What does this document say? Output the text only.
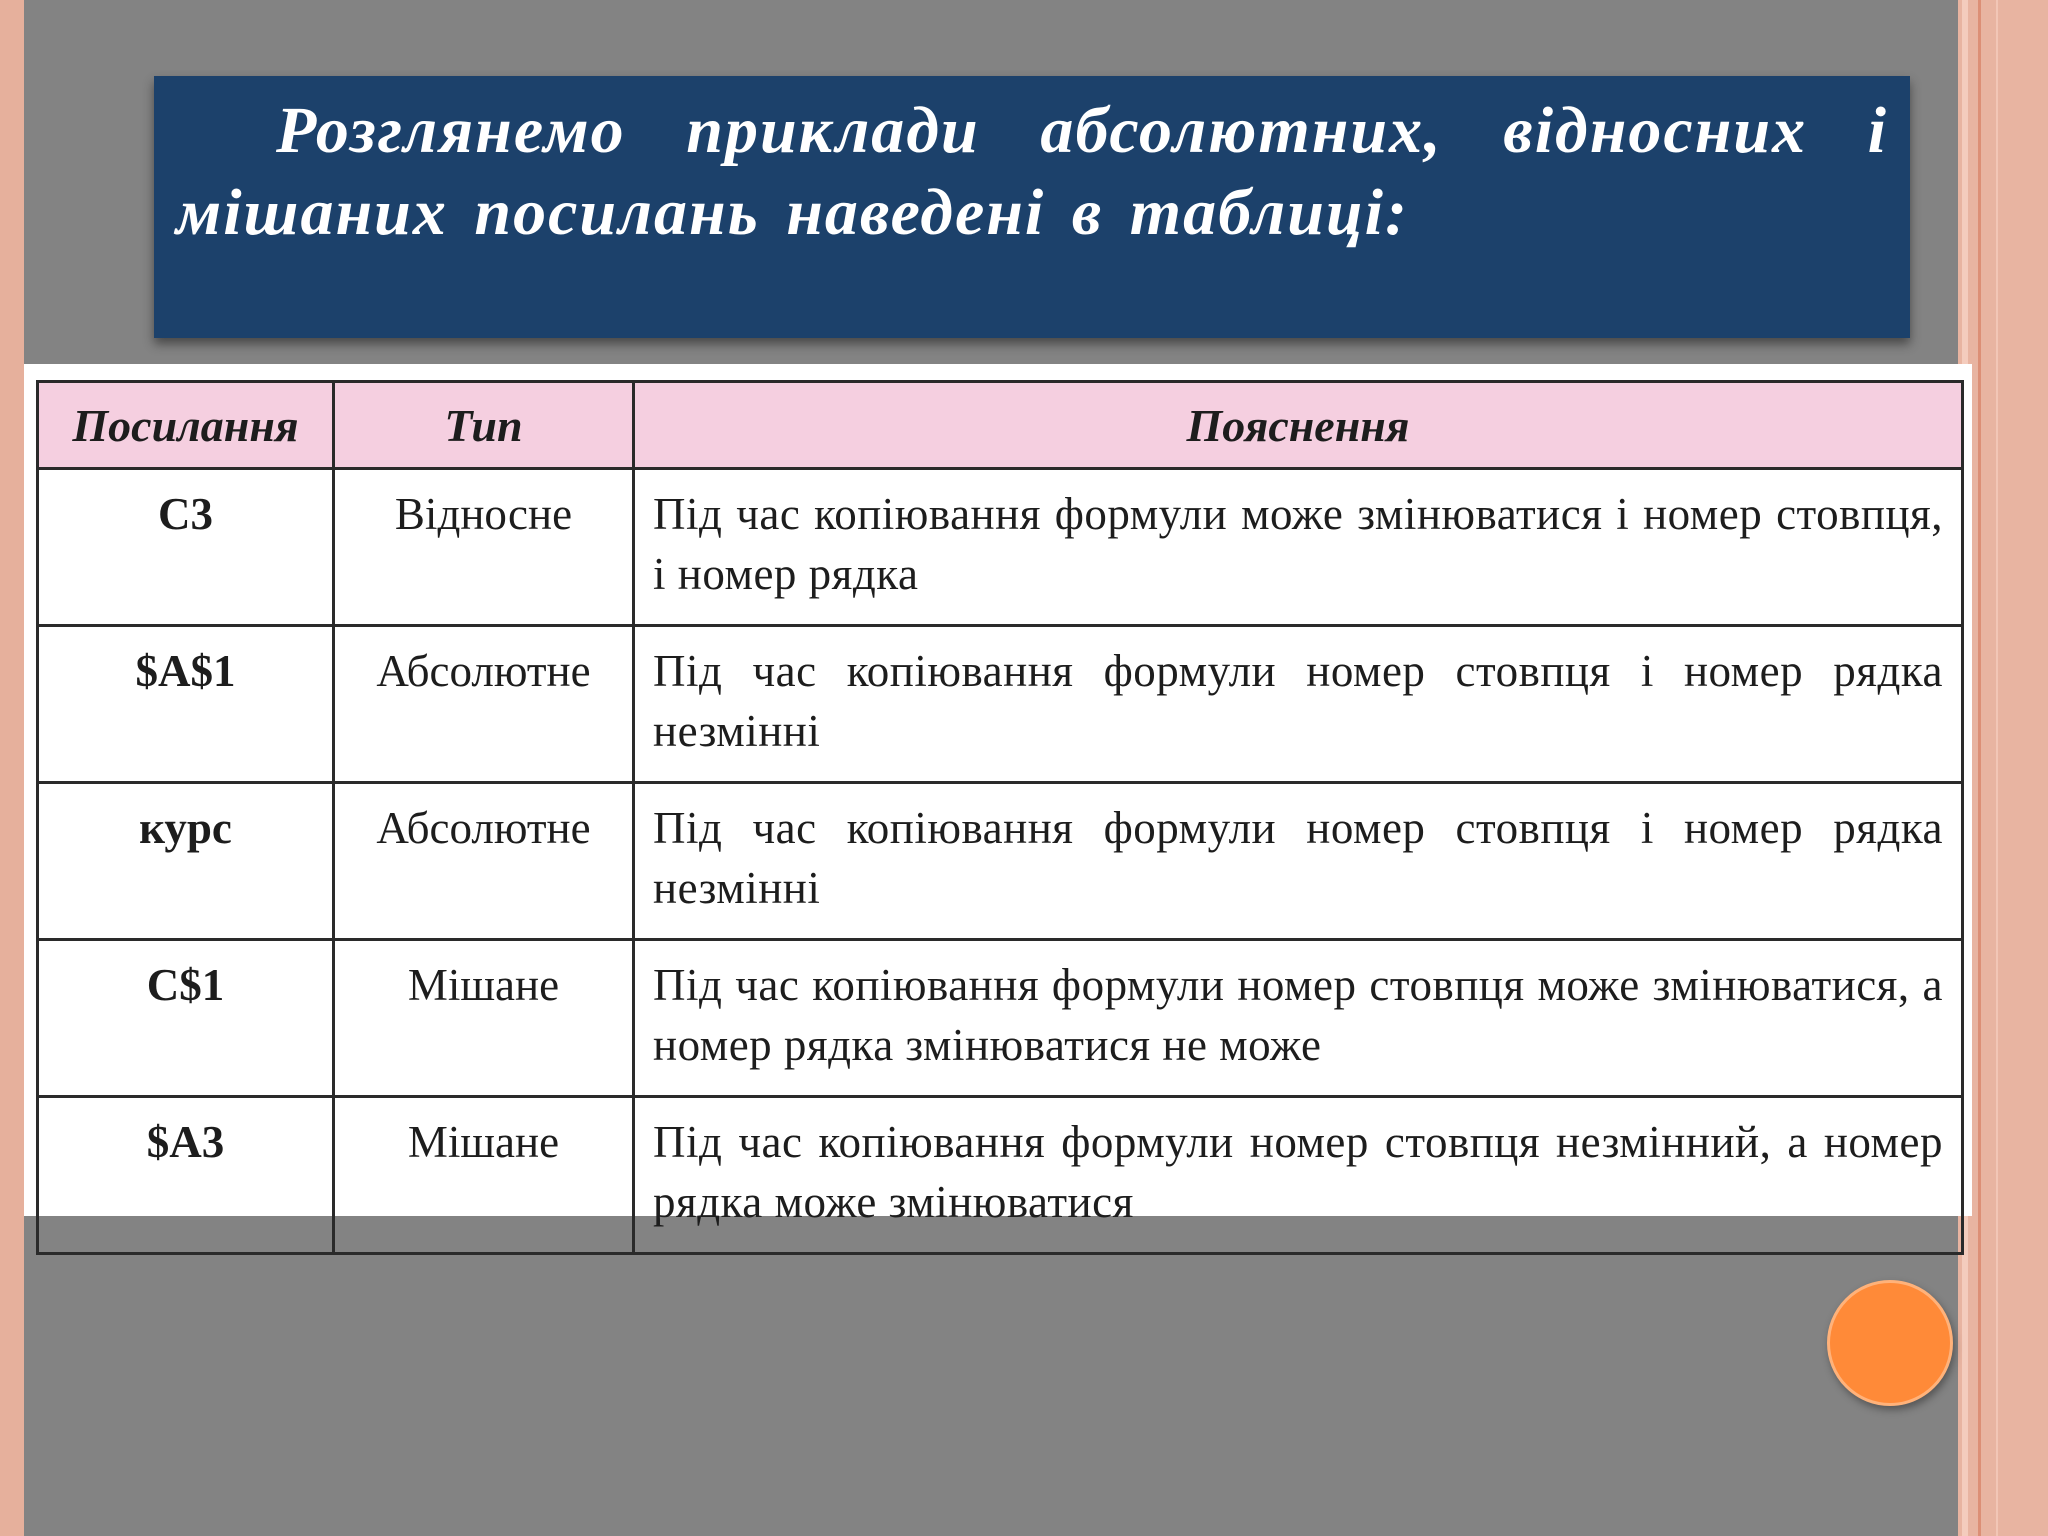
Розглянемо приклади абсолютних, відносних і мішаних посилань наведені в таблиці:

Посилання	Тип	Пояснення
С3	Відносне	Під час копіювання формули може змінюватися і номер стовпця, і номер рядка
$A$1	Абсолютне	Під час копіювання формули номер стовпця і номер рядка незмінні
курс	Абсолютне	Під час копіювання формули номер стовпця і номер рядка незмінні
C$1	Мішане	Під час копіювання формули номер стовпця може змінюватися, а номер рядка змінюватися не може
$A3	Мішане	Під час копіювання формули номер стовпця незмінний, а номер рядка може змінюватися
